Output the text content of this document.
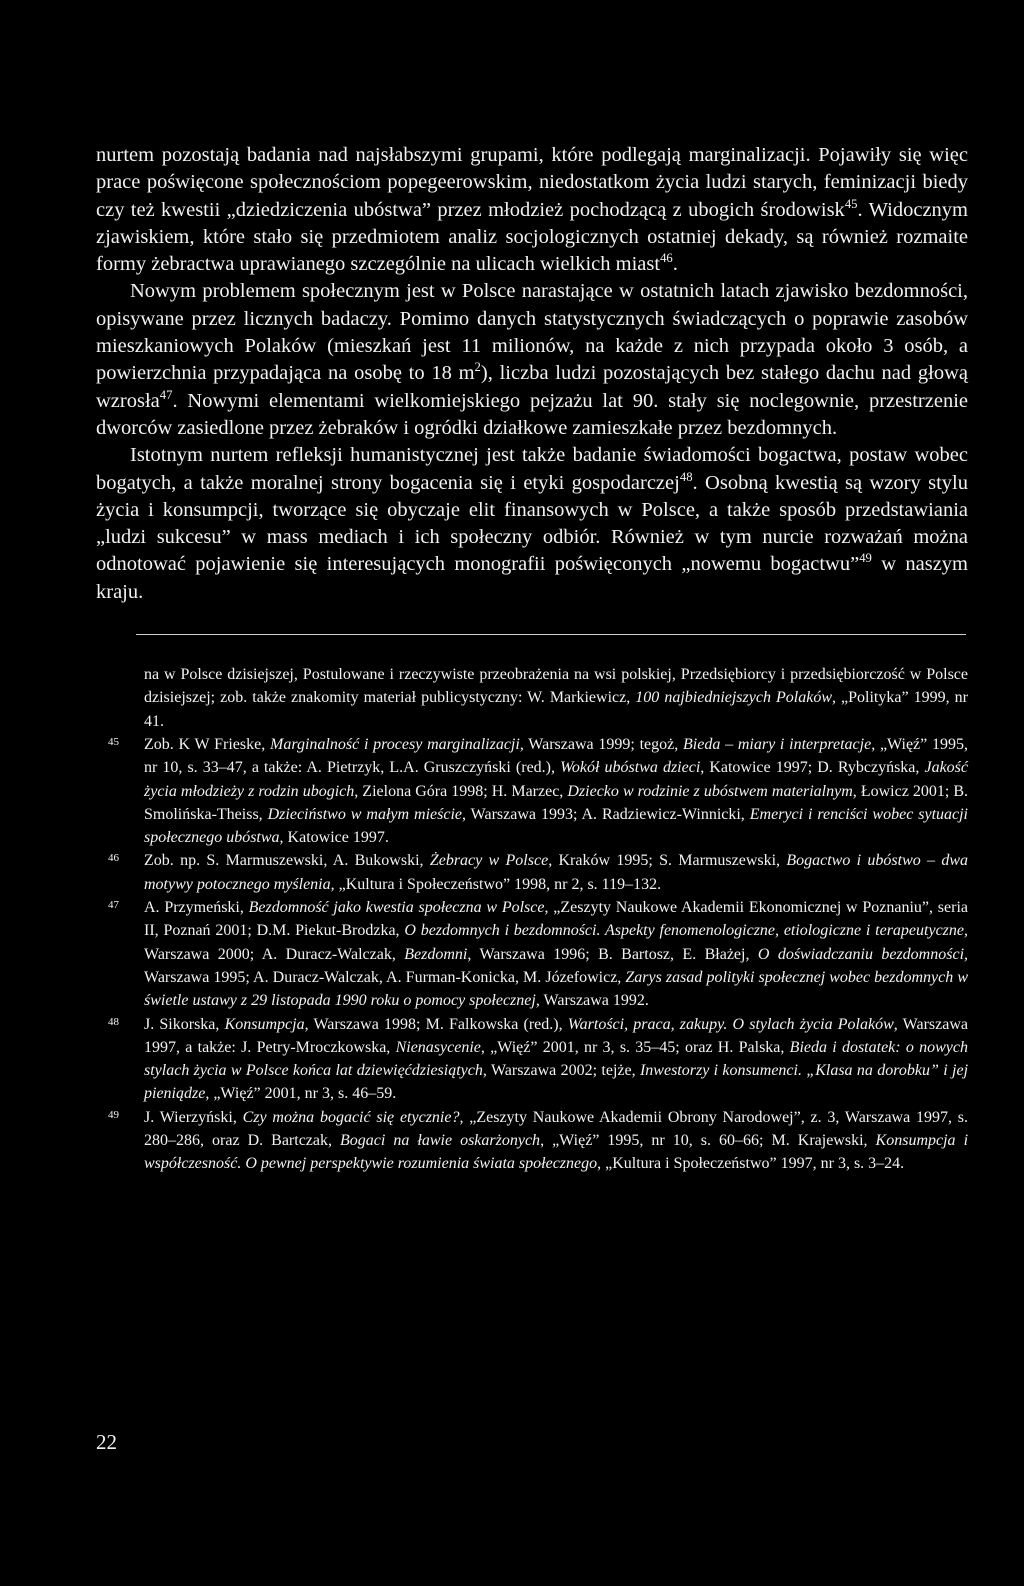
nurtem pozostają badania nad najsłabszymi grupami, które podlegają marginalizacji. Pojawiły się więc prace poświęcone społecznościom popegeerowskim, niedostatkom życia ludzi starych, feminizacji biedy czy też kwestii „dziedziczenia ubóstwa” przez młodzież pochodzącą z ubogich środowisk$^{45}$. Widocznym zjawiskiem, które stało się przedmiotem analiz socjologicznych ostatniej dekady, są również rozmaite formy żebractwa uprawianego szczególnie na ulicach wielkich miast$^{46}$.

Nowym problemem społecznym jest w Polsce narastające w ostatnich latach zjawisko bezdomności, opisywane przez licznych badaczy. Pomimo danych statystycznych świadczących o poprawie zasobów mieszkaniowych Polaków (mieszkań jest 11 milionów, na każde z nich przypada około 3 osób, a powierzchnia przypadająca na osobę to 18 $m^2$), liczba ludzi pozostających bez stałego dachu nad głową wzrosła$^{47}$. Nowymi elementami wielkomiejskiego pejzażu lat 90. stały się noclegownie, przestrzenie dworców zasiedlone przez żebraków i ogródki działkowe zamieszkałe przez bezdomnych.

Istotnym nurtem refleksji humanistycznej jest także badanie świadomości bogactwa, postaw wobec bogatych, a także moralnej strony bogacenia się i etyki gospodarczej$^{48}$. Osobną kwestią są wzory stylu życia i konsumpcji, tworzące się obyczaje elit finansowych w Polsce, a także sposób przedstawiania „ludzi sukcesu” w mass mediach i ich społeczny odbiór. Również w tym nurcie rozważań można odnotować pojawienie się interesujących monografii poświęconych „nowemu bogactwu”$^{49}$ w naszym kraju.

na w Polsce dzisiejszej, Postulowane i rzeczywiste przeobrażenia na wsi polskiej, Przedsiębiorcy i przedsiębiorczość w Polsce dzisiejszej; zob. także znakomity materiał publicystyczny: W. Markiewicz, 100 najbiedniejszych Polaków, „Polityka” 1999, nr 41.

45 Zob. K W Frieske, Marginalność i procesy marginalizacji, Warszawa 1999; tegoż, Bieda – miary i interpretacje, „Więź” 1995, nr 10, s. 33–47, a także: A. Pietrzyk, L.A. Gruszczyński (red.), Wokół ubóstwa dzieci, Katowice 1997; D. Rybczyńska, Jakość życia młodzieży z rodzin ubogich, Zielona Góra 1998; H. Marzec, Dziecko w rodzinie z ubóstwem materialnym, Łowicz 2001; B. Smolińska-Theiss, Dzieciństwo w małym mieście, Warszawa 1993; A. Radziewicz-Winnicki, Emeryci i renciści wobec sytuacji społecznego ubóstwa, Katowice 1997.

46 Zob. np. S. Marmuszewski, A. Bukowski, Żebracy w Polsce, Kraków 1995; S. Marmuszewski, Bogactwo i ubóstwo – dwa motywy potocznego myślenia, „Kultura i Społeczeństwo” 1998, nr 2, s. 119–132.

47 A. Przymeński, Bezdomność jako kwestia społeczna w Polsce, „Zeszyty Naukowe Akademii Ekonomicznej w Poznaniu”, seria II, Poznań 2001; D.M. Piekut-Brodzka, O bezdomnych i bezdomności. Aspekty fenomenologiczne, etiologiczne i terapeutyczne, Warszawa 2000; A. Duracz-Walczak, Bezdomni, Warszawa 1996; B. Bartosz, E. Błażej, O doświadczaniu bezdomności, Warszawa 1995; A. Duracz-Walczak, A. Furman-Konicka, M. Józefowicz, Zarys zasad polityki społecznej wobec bezdomnych w świetle ustawy z 29 listopada 1990 roku o pomocy społecznej, Warszawa 1992.

48 J. Sikorska, Konsumpcja, Warszawa 1998; M. Falkowska (red.), Wartości, praca, zakupy. O stylach życia Polaków, Warszawa 1997, a także: J. Petry-Mroczkowska, Nienasycenie, „Więź” 2001, nr 3, s. 35–45; oraz H. Palska, Bieda i dostatek: o nowych stylach życia w Polsce końca lat dziewięćdziesiątych, Warszawa 2002; tejże, Inwestorzy i konsumenci. „Klasa na dorobku” i jej pieniądze, „Więź” 2001, nr 3, s. 46–59.

49 J. Wierzyński, Czy można bogacić się etycznie?, „Zeszyty Naukowe Akademii Obrony Narodowej”, z. 3, Warszawa 1997, s. 280–286, oraz D. Bartczak, Bogaci na ławie oskarżonych, „Więź” 1995, nr 10, s. 60–66; M. Krajewski, Konsumpcja i współczesność. O pewnej perspektywie rozumienia świata społecznego, „Kultura i Społeczeństwo” 1997, nr 3, s. 3–24.

22
